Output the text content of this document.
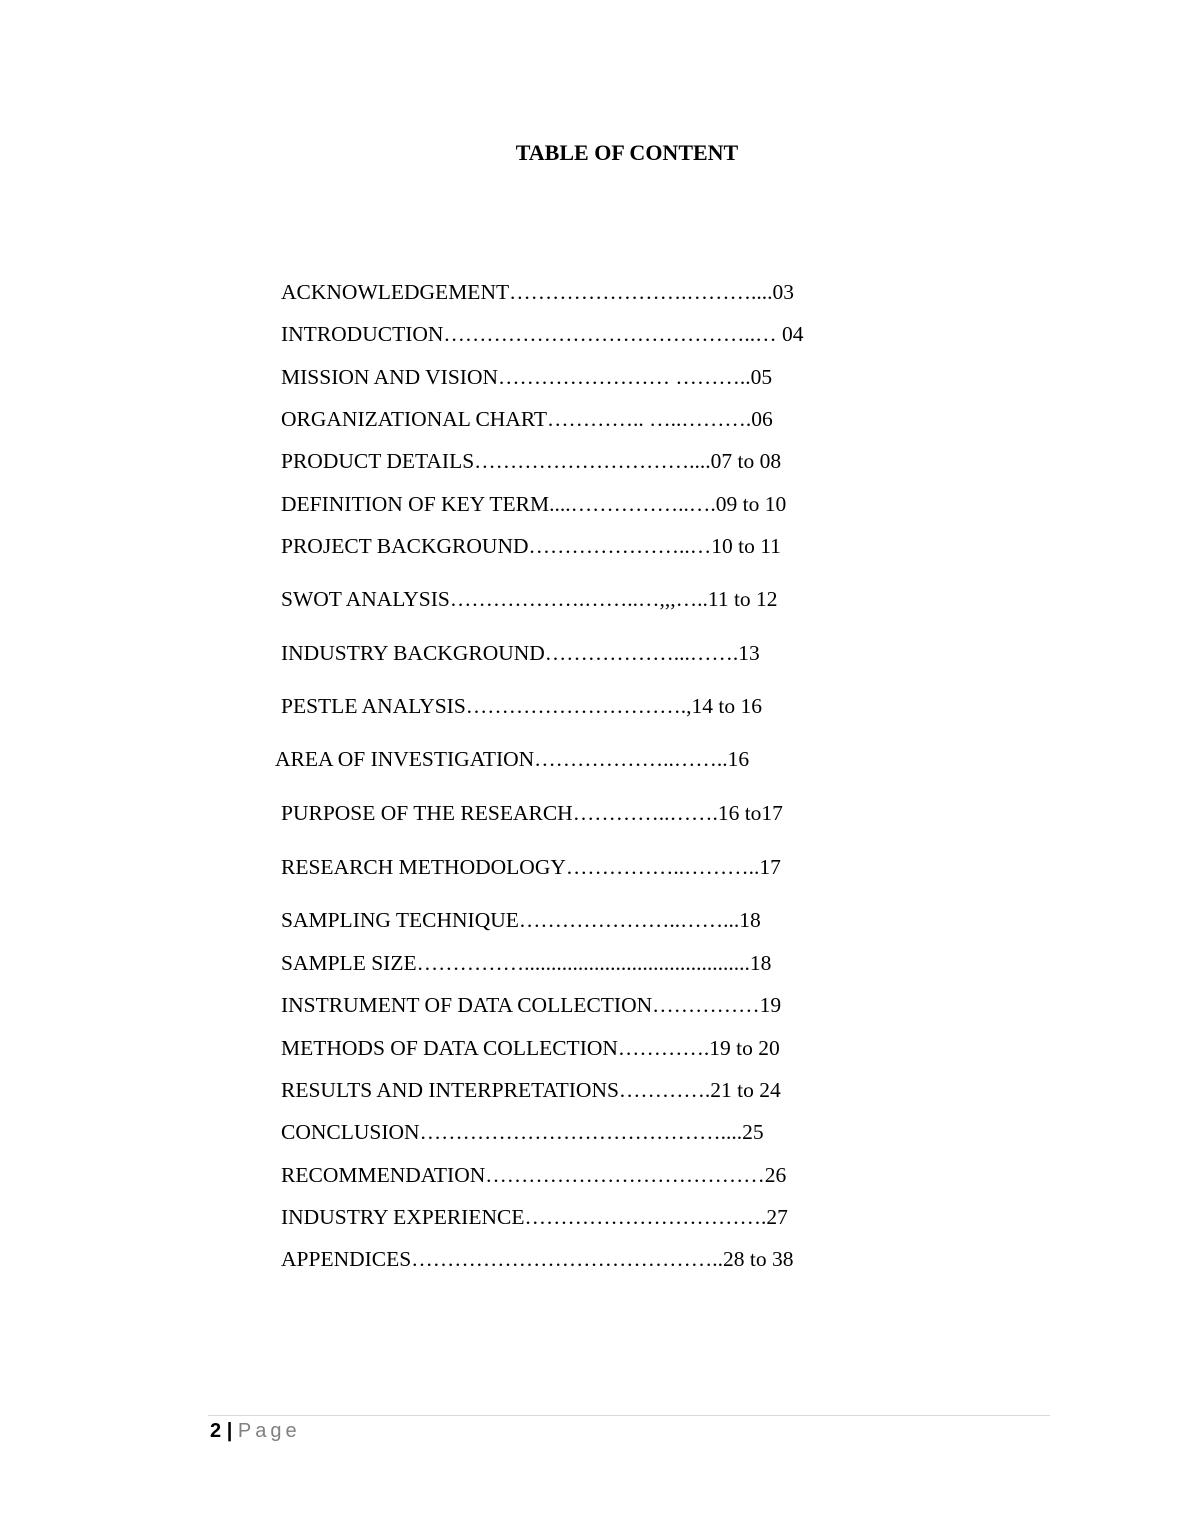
TABLE OF CONTENT
ACKNOWLEDGEMENT…………………….………....03
INTRODUCTION……………………………………..… 04
MISSION AND VISION…………………… ………..05
ORGANIZATIONAL CHART………….. …..……….06
PRODUCT DETAILS…………………………....07 to 08
DEFINITION OF KEY TERM....……………..….09 to 10
PROJECT BACKGROUND…………………..…10 to 11
SWOT ANALYSIS……………….……..…,,,…..11 to 12
INDUSTRY BACKGROUND………………...…….13
PESTLE ANALYSIS………………………….,14 to 16
AREA OF INVESTIGATION………………..……..16
PURPOSE OF THE RESEARCH…………..…….16 to17
RESEARCH METHODOLOGY……………..………..17
SAMPLING TECHNIQUE…………………..……...18
SAMPLE SIZE……………..........................................18
INSTRUMENT OF DATA COLLECTION……………19
METHODS OF DATA COLLECTION………….19 to 20
RESULTS AND INTERPRETATIONS………….21 to 24
CONCLUSION……………………………………....25
RECOMMENDATION…………………………………26
INDUSTRY EXPERIENCE…………………………….27
APPENDICES……………………………………..28 to 38
2 | Page
